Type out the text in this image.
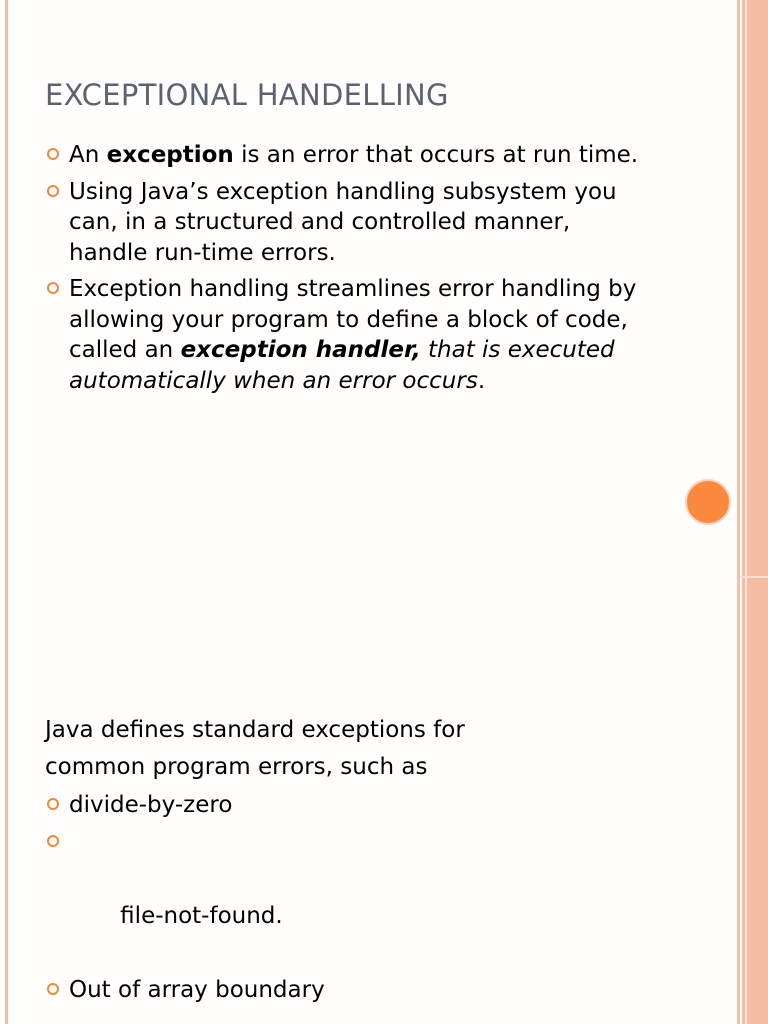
EXCEPTIONAL HANDELLING
An exception is an error that occurs at run time.
Using Java’s exception handling subsystem you can, in a structured and controlled manner, handle run-time errors.
Exception handling streamlines error handling by allowing your program to define a block of code, called an exception handler, that is executed automatically when an error occurs.
Java defines standard exceptions for
common program errors, such as
divide-by-zero

file-not-found.

Out of array boundary
